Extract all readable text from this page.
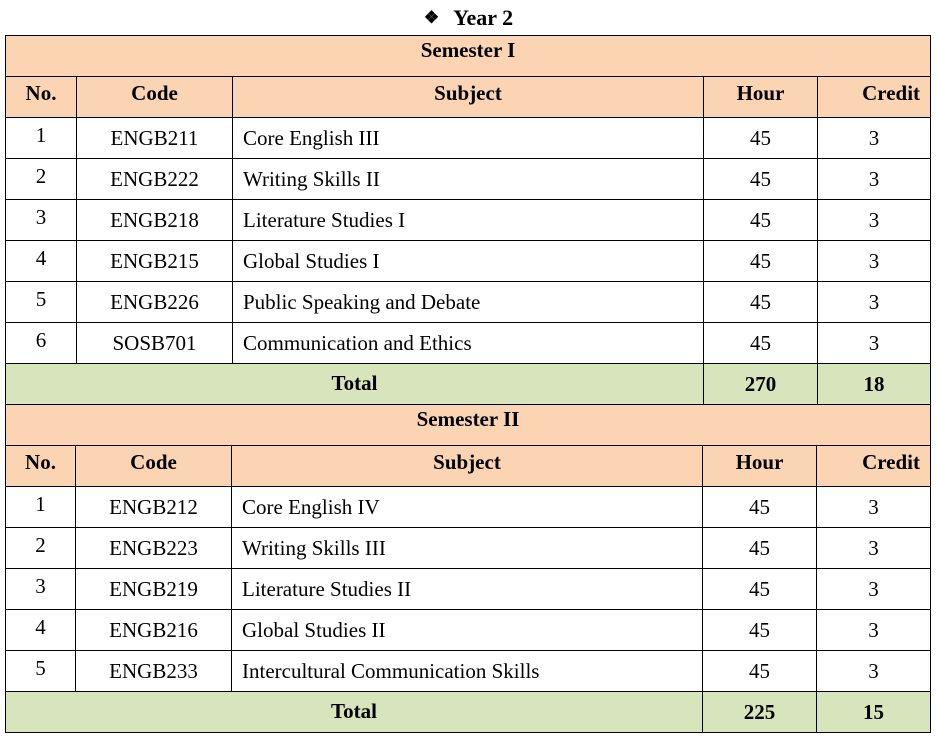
❖ Year 2
Semester I				
No.	Code	Subject	Hour	Credit
1	ENGB211	Core English III	45	3
2	ENGB222	Writing Skills II	45	3
3	ENGB218	Literature Studies I	45	3
4	ENGB215	Global Studies I	45	3
5	ENGB226	Public Speaking and Debate	45	3
6	SOSB701	Communication and Ethics	45	3
Total			270	18
Semester II				
No.	Code	Subject	Hour	Credit
1	ENGB212	Core English IV	45	3
2	ENGB223	Writing Skills III	45	3
3	ENGB219	Literature Studies II	45	3
4	ENGB216	Global Studies II	45	3
5	ENGB233	Intercultural Communication Skills	45	3
Total			225	15
